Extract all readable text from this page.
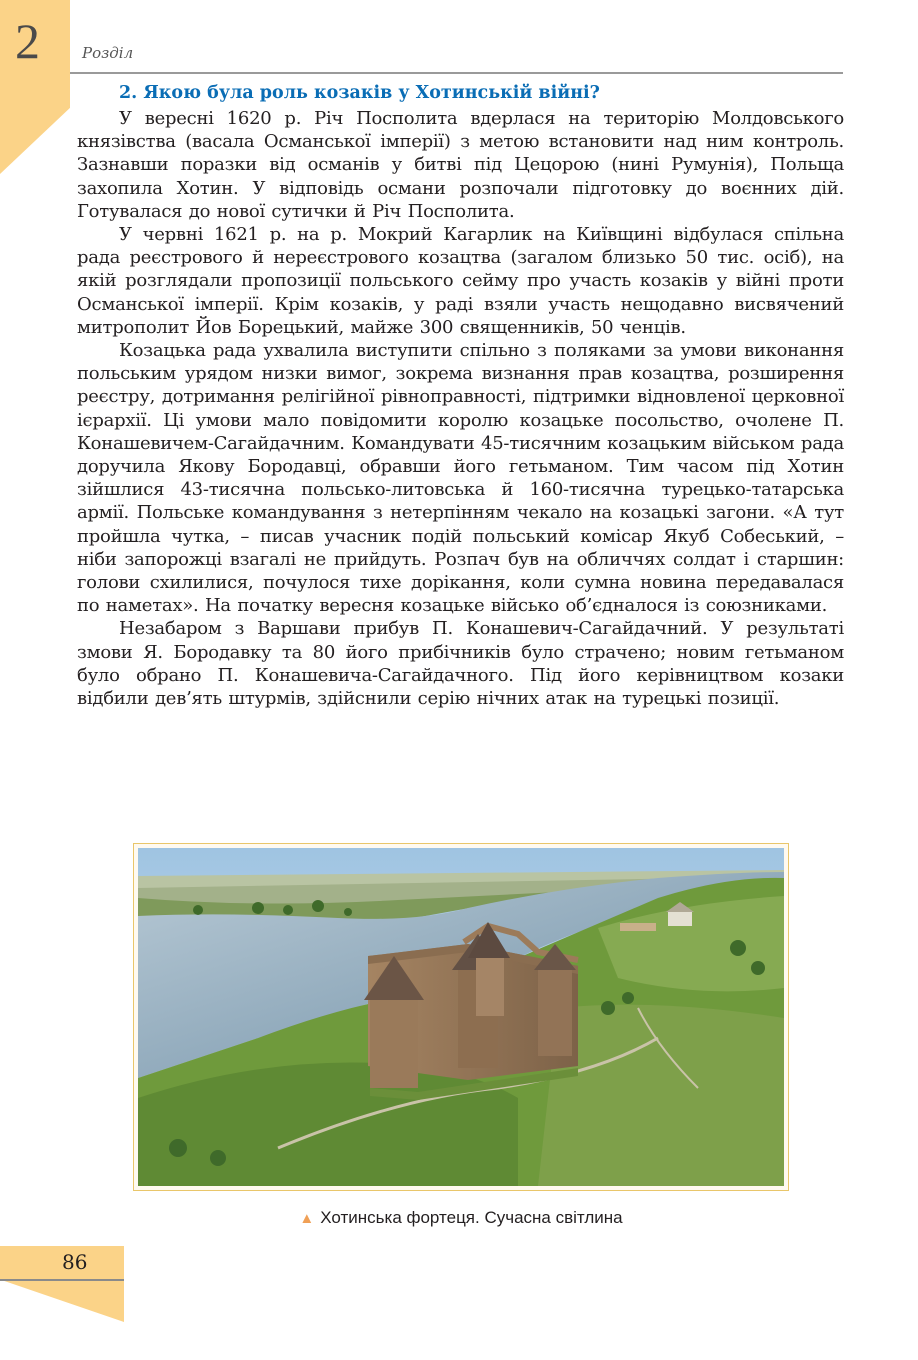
2	Розділ
2. Якою була роль козаків у Хотинській війні?

У вересні 1620 р. Річ Посполита вдерлася на територію Молдовського князівства (васала Османської імперії) з метою встановити над ним контроль. Зазнавши поразки від османів у битві під Цецорою (нині Румунія), Польща захопила Хотин. У відповідь османи розпочали підготовку до воєнних дій. Готувалася до нової сутички й Річ Посполита.

У червні 1621 р. на р. Мокрий Кагарлик на Київщині відбулася спільна рада реєстрового й нереєстрового козацтва (загалом близько 50 тис. осіб), на якій розглядали пропозиції польського сейму про участь козаків у війні проти Османської імперії. Крім козаків, у раді взяли участь нещодавно висвячений митрополит Йов Борецький, майже 300 священників, 50 ченців.

Козацька рада ухвалила виступити спільно з поляками за умови виконання польським урядом низки вимог, зокрема визнання прав козацтва, розширення реєстру, дотримання релігійної рівноправності, підтримки відновленої церковної ієрархії. Ці умови мало повідомити королю козацьке посольство, очолене П. Конашевичем-Сагайдачним. Командувати 45-тисячним козацьким військом рада доручила Якову Бородавці, обравши його гетьманом. Тим часом під Хотин зійшлися 43-тисячна польсько-литовська й 160-тисячна турецько-татарська армії. Польське командування з нетерпінням чекало на козацькі загони. «А тут пройшла чутка, – писав учасник подій польський комісар Якуб Собеський, – ніби запорожці взагалі не прийдуть. Розпач був на обличчях солдат і старшин: голови схилилися, почулося тихе дорікання, коли сумна новина передавалася по наметах». На початку вересня козацьке військо об’єдналося із союзниками.

Незабаром з Варшави прибув П. Конашевич-Сагайдачний. У результаті змови Я. Бородавку та 80 його прибічників було страчено; новим гетьманом було обрано П. Конашевича-Сагайдачного. Під його керівництвом козаки відбили дев’ять штурмів, здійснили серію нічних атак на турецькі позиції.

▲ Хотинська фортеця. Сучасна світлина
86
